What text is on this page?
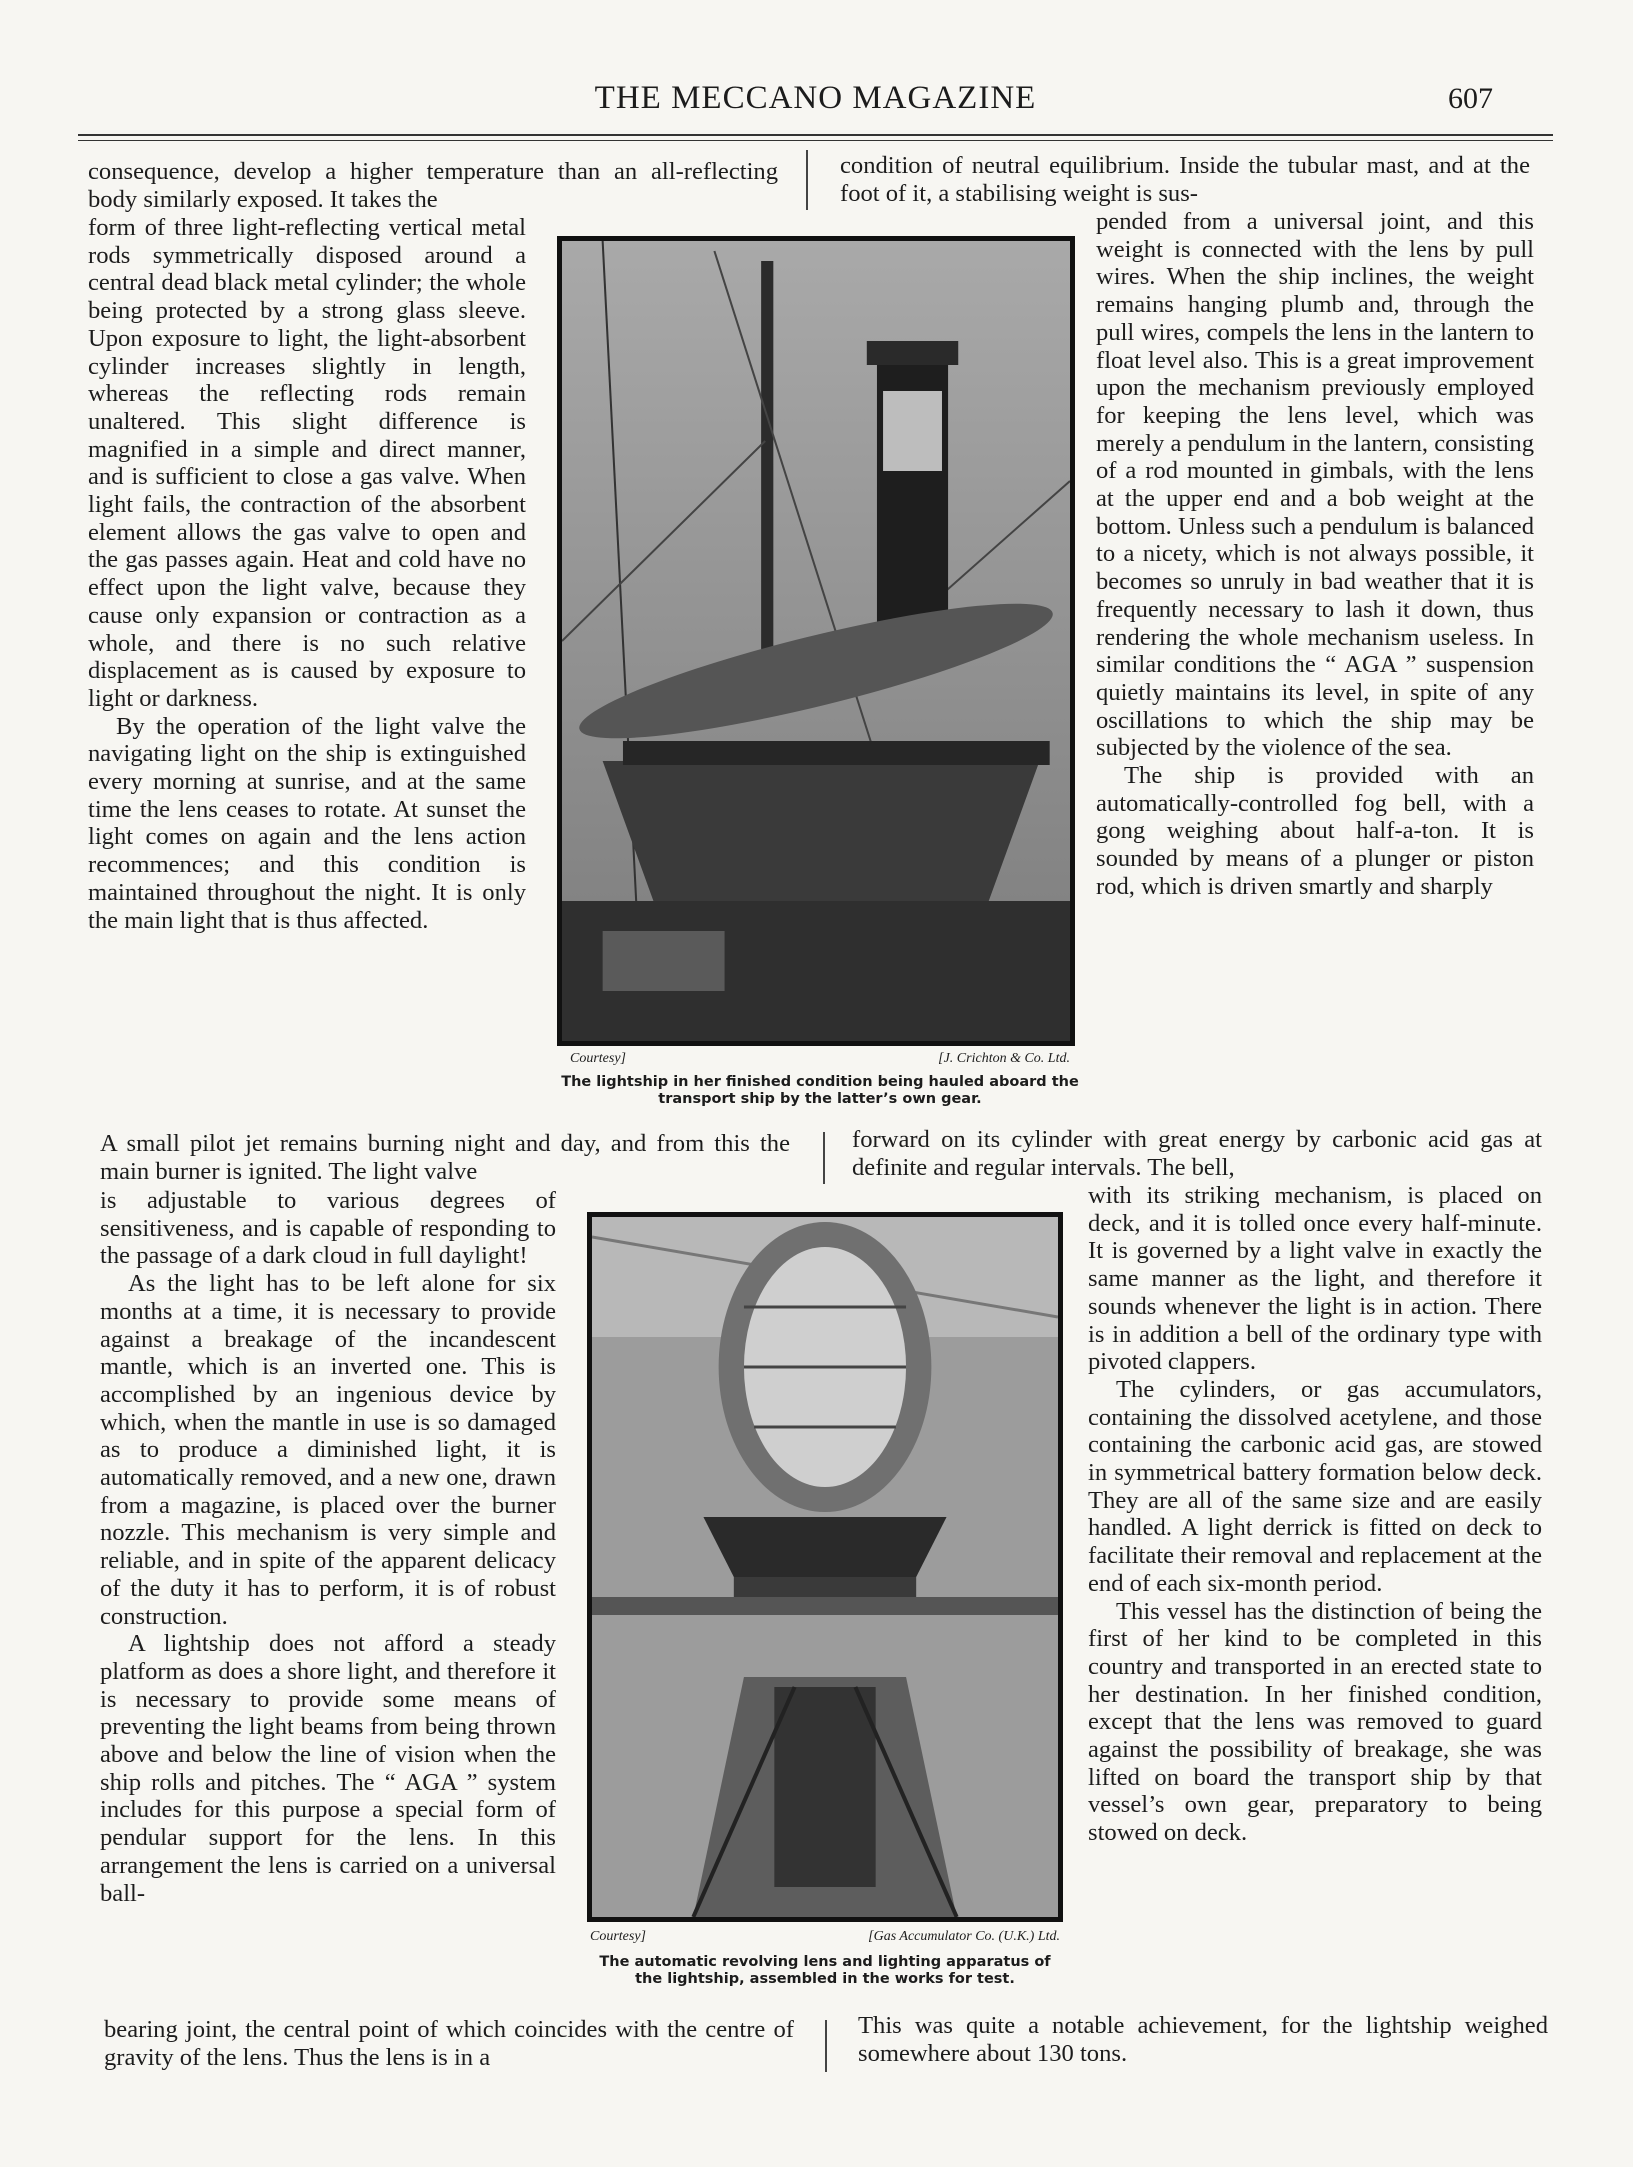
THE MECCANO MAGAZINE	607

consequence, develop a higher temperature than an all-reflecting body similarly exposed. It takes the

form of three light-reflecting vertical metal rods symmetrically disposed around a central dead black metal cylinder; the whole being protected by a strong glass sleeve. Upon exposure to light, the light-absorbent cylinder increases slightly in length, whereas the reflecting rods remain unaltered. This slight difference is magnified in a simple and direct manner, and is sufficient to close a gas valve. When light fails, the contraction of the absorbent element allows the gas valve to open and the gas passes again. Heat and cold have no effect upon the light valve, because they cause only expansion or contraction as a whole, and there is no such relative displacement as is caused by exposure to light or darkness.

By the operation of the light valve the navigating light on the ship is extinguished every morning at sunrise, and at the same time the lens ceases to rotate. At sunset the light comes on again and the lens action recommences; and this condition is maintained throughout the night. It is only the main light that is thus affected.

Courtesy]	[J. Crichton & Co. Ltd.
The lightship in her finished condition being hauled aboard the transport ship by the latter’s own gear.

condition of neutral equilibrium. Inside the tubular mast, and at the foot of it, a stabilising weight is sus-

pended from a universal joint, and this weight is connected with the lens by pull wires. When the ship inclines, the weight remains hanging plumb and, through the pull wires, compels the lens in the lantern to float level also. This is a great improvement upon the mechanism previously employed for keeping the lens level, which was merely a pendulum in the lantern, consisting of a rod mounted in gimbals, with the lens at the upper end and a bob weight at the bottom. Unless such a pendulum is balanced to a nicety, which is not always possible, it becomes so unruly in bad weather that it is frequently necessary to lash it down, thus rendering the whole mechanism useless. In similar conditions the “ AGA ” suspension quietly maintains its level, in spite of any oscillations to which the ship may be subjected by the violence of the sea.

The ship is provided with an automatically-controlled fog bell, with a gong weighing about half-a-ton. It is sounded by means of a plunger or piston rod, which is driven smartly and sharply

A small pilot jet remains burning night and day, and from this the main burner is ignited. The light valve

forward on its cylinder with great energy by carbonic acid gas at definite and regular intervals. The bell,

is adjustable to various degrees of sensitiveness, and is capable of responding to the passage of a dark cloud in full daylight!

As the light has to be left alone for six months at a time, it is necessary to provide against a breakage of the incandescent mantle, which is an inverted one. This is accomplished by an ingenious device by which, when the mantle in use is so damaged as to produce a diminished light, it is automatically removed, and a new one, drawn from a magazine, is placed over the burner nozzle. This mechanism is very simple and reliable, and in spite of the apparent delicacy of the duty it has to perform, it is of robust construction.

A lightship does not afford a steady platform as does a shore light, and therefore it is necessary to provide some means of preventing the light beams from being thrown above and below the line of vision when the ship rolls and pitches. The “ AGA ” system includes for this purpose a special form of pendular support for the lens. In this arrangement the lens is carried on a universal ball-

Courtesy]	[Gas Accumulator Co. (U.K.) Ltd.
The automatic revolving lens and lighting apparatus of the lightship, assembled in the works for test.

with its striking mechanism, is placed on deck, and it is tolled once every half-minute. It is governed by a light valve in exactly the same manner as the light, and therefore it sounds whenever the light is in action. There is in addition a bell of the ordinary type with pivoted clappers.

The cylinders, or gas accumulators, containing the dissolved acetylene, and those containing the carbonic acid gas, are stowed in symmetrical battery formation below deck. They are all of the same size and are easily handled. A light derrick is fitted on deck to facilitate their removal and replacement at the end of each six-month period.

This vessel has the distinction of being the first of her kind to be completed in this country and transported in an erected state to her destination. In her finished condition, except that the lens was removed to guard against the possibility of breakage, she was lifted on board the transport ship by that vessel’s own gear, preparatory to being stowed on deck.

bearing joint, the central point of which coincides with the centre of gravity of the lens. Thus the lens is in a

This was quite a notable achievement, for the lightship weighed somewhere about 130 tons.
